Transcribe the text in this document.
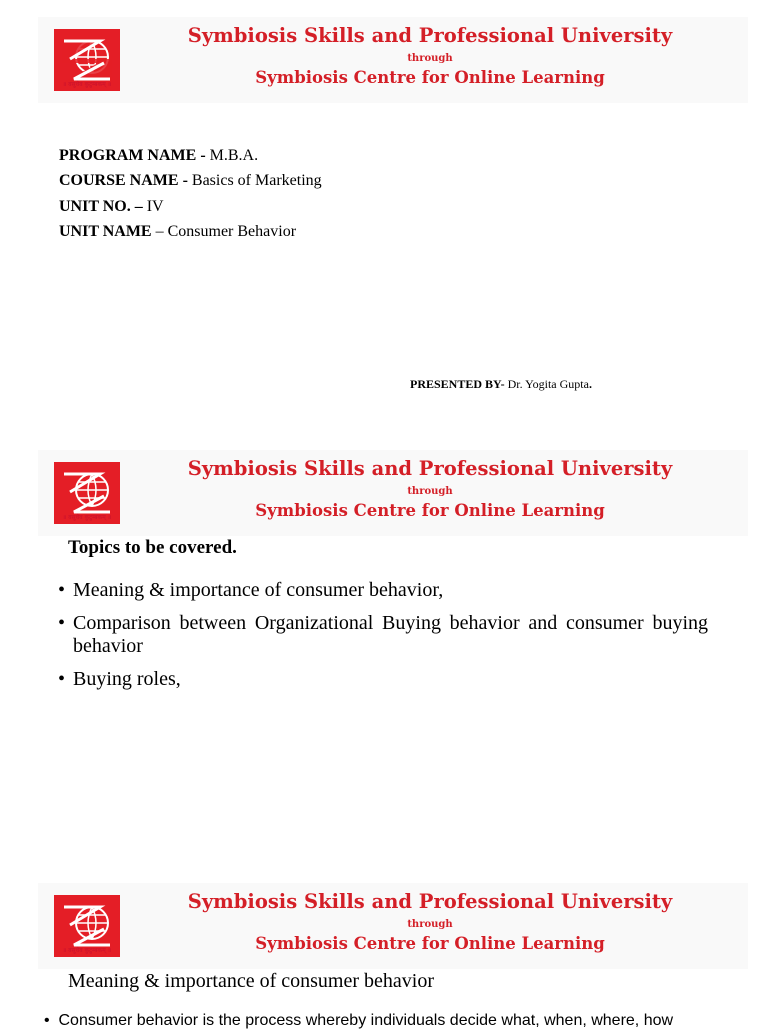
॥ वसुधैव कुटुम्बकम् ॥
Symbiosis Skills and Professional University
through
Symbiosis Centre for Online Learning
PROGRAM NAME - M.B.A.
COURSE NAME - Basics of Marketing
UNIT NO. – IV
UNIT NAME – Consumer Behavior
PRESENTED BY- Dr. Yogita Gupta.
॥ वसुधैव कुटुम्बकम् ॥
Symbiosis Skills and Professional University
through
Symbiosis Centre for Online Learning
Topics to be covered.
• Meaning & importance of consumer behavior,
• Comparison between Organizational Buying behavior and consumer buying behavior
• Buying roles,
॥ वसुधैव कुटुम्बकम् ॥
Symbiosis Skills and Professional University
through
Symbiosis Centre for Online Learning
Meaning & importance of consumer behavior
• Consumer behavior is the process whereby individuals decide what, when, where, how
